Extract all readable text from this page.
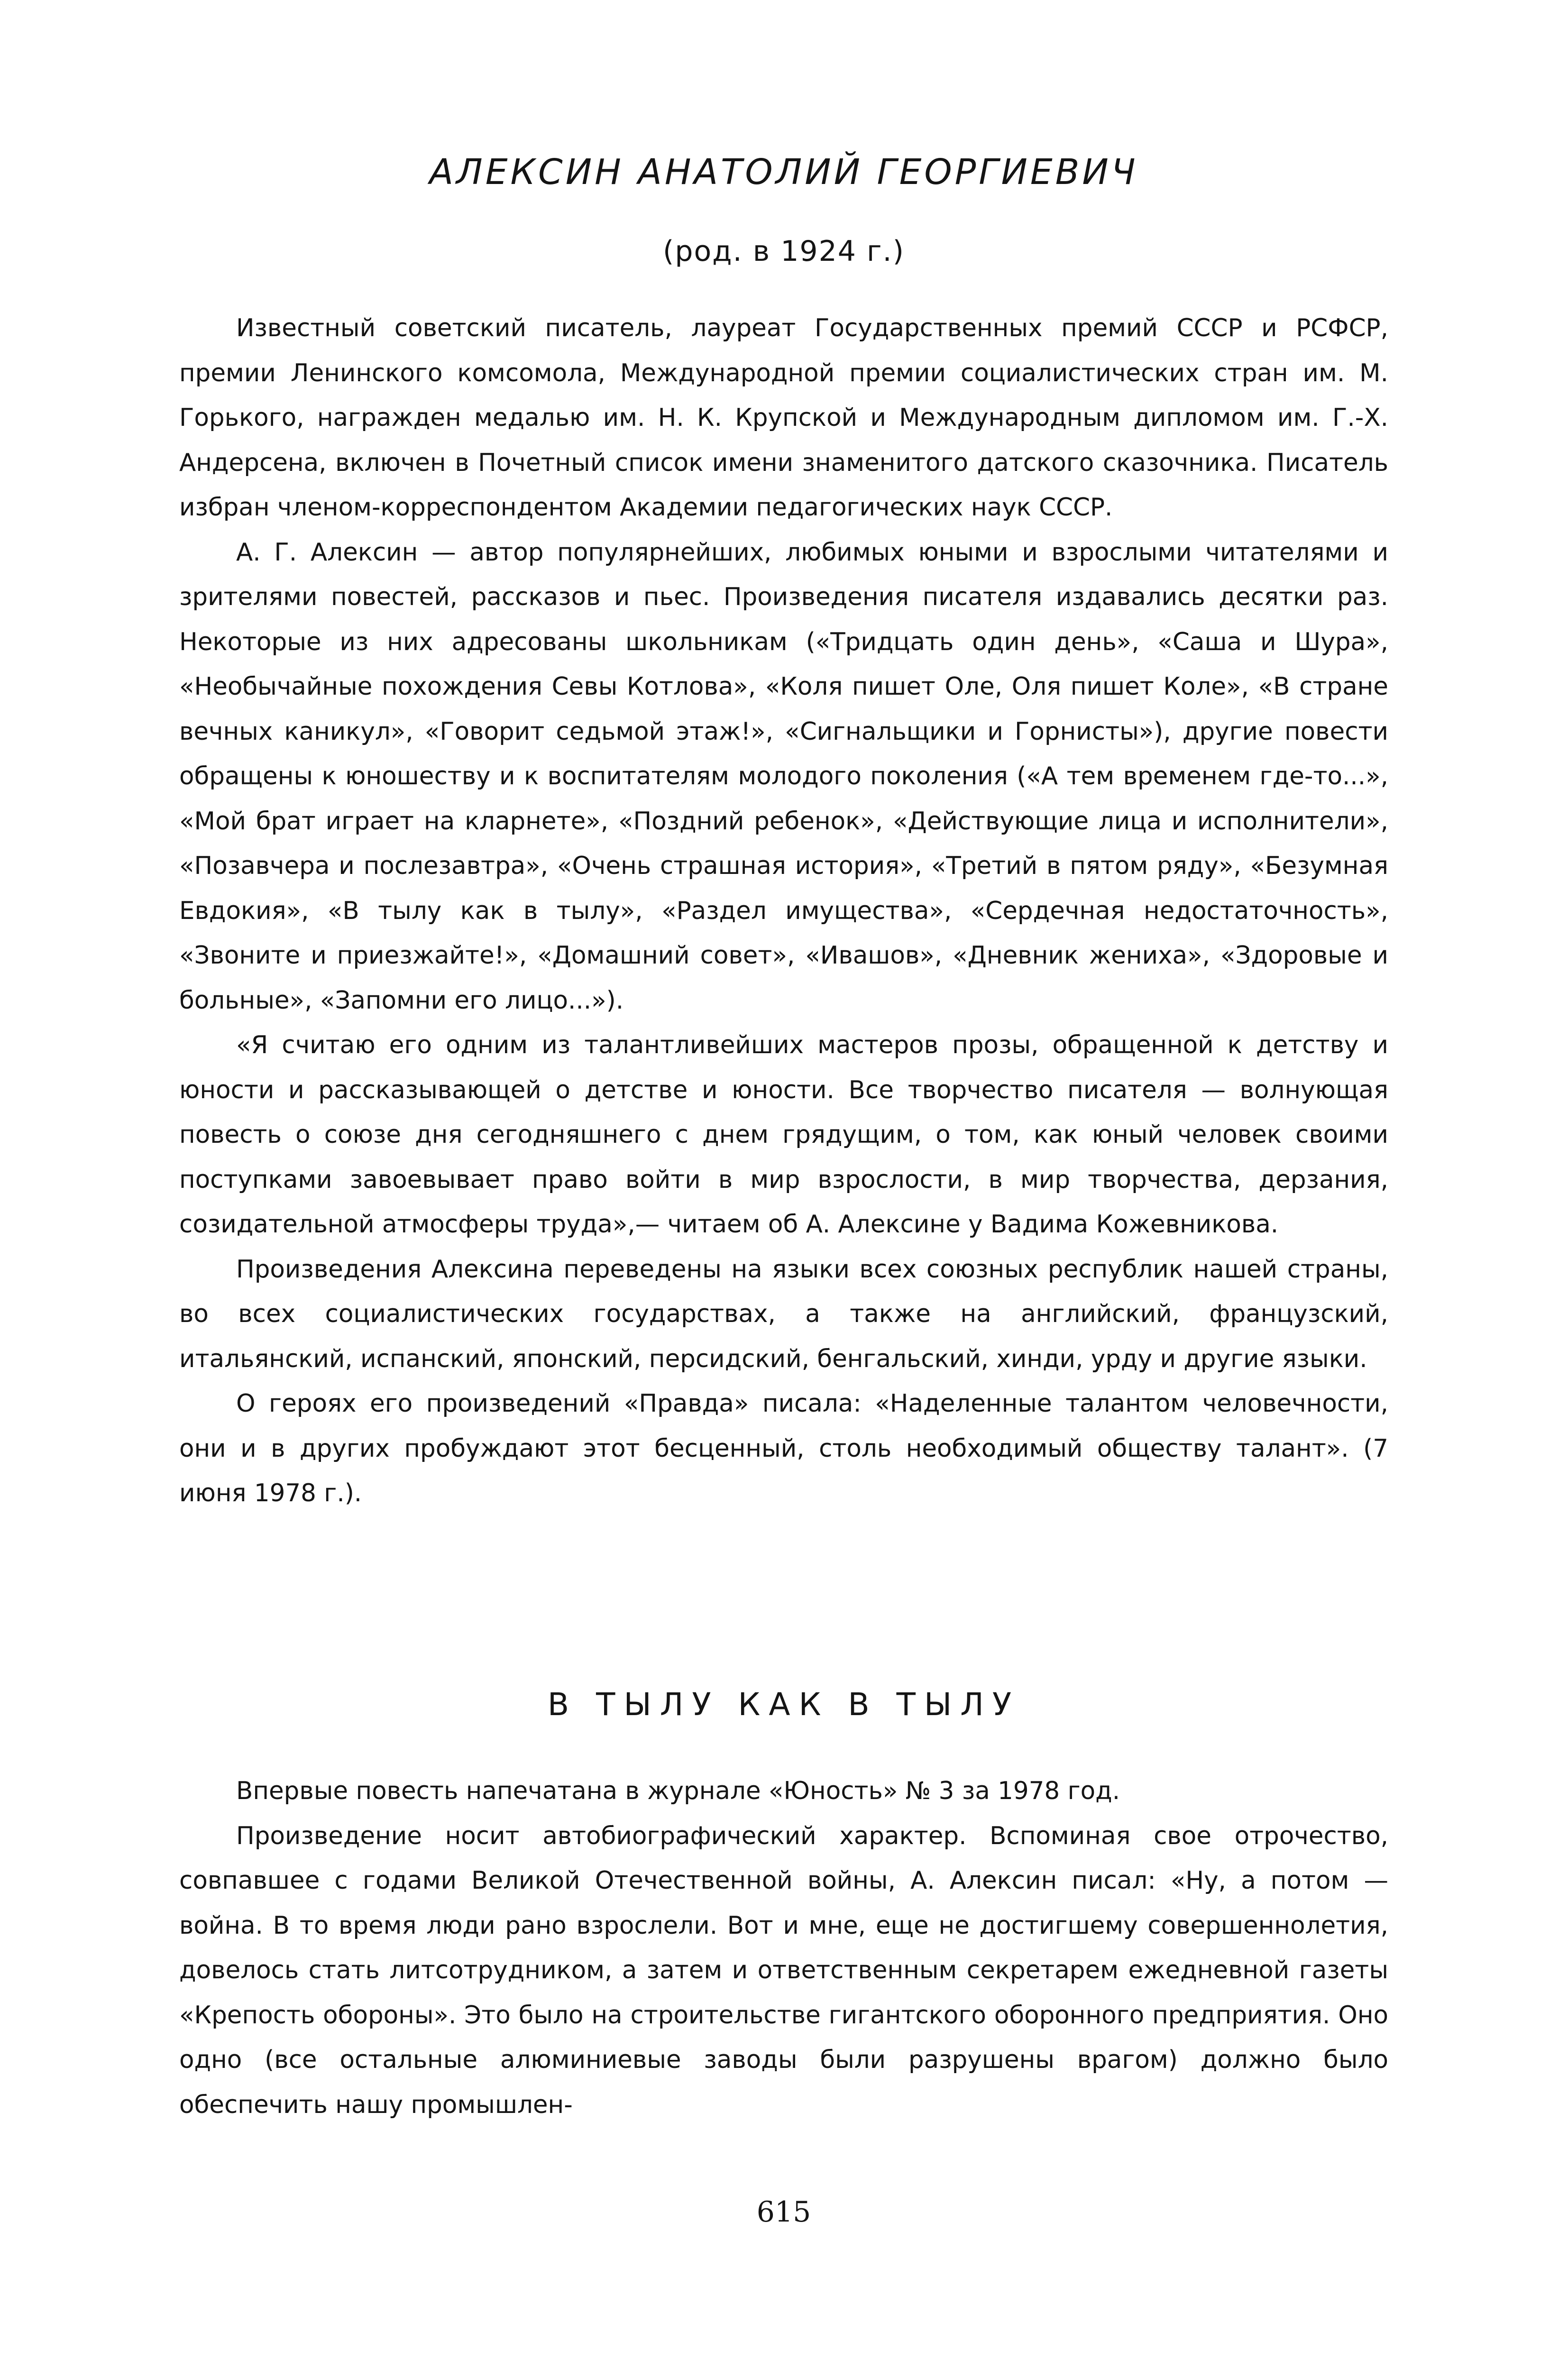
АЛЕКСИН АНАТОЛИЙ ГЕОРГИЕВИЧ
(род. в 1924 г.)

Известный советский писатель, лауреат Государственных премий СССР и РСФСР, премии Ленинского комсомола, Международной премии социалистических стран им. М. Горького, награжден медалью им. Н. К. Крупской и Международным дипломом им. Г.-Х. Андерсена, включен в Почетный список имени знаменитого датского сказочника. Писатель избран членом-корреспондентом Академии педагогических наук СССР.

А. Г. Алексин — автор популярнейших, любимых юными и взрослыми читателями и зрителями повестей, рассказов и пьес. Произведения писателя издавались десятки раз. Некоторые из них адресованы школьникам («Тридцать один день», «Саша и Шура», «Необычайные похождения Севы Котлова», «Коля пишет Оле, Оля пишет Коле», «В стране вечных каникул», «Говорит седьмой этаж!», «Сигнальщики и Горнисты»), другие повести обращены к юношеству и к воспитателям молодого поколения («А тем временем где-то...», «Мой брат играет на кларнете», «Поздний ребенок», «Действующие лица и исполнители», «Позавчера и послезавтра», «Очень страшная история», «Третий в пятом ряду», «Безумная Евдокия», «В тылу как в тылу», «Раздел имущества», «Сердечная недостаточность», «Звоните и приезжайте!», «Домашний совет», «Ивашов», «Дневник жениха», «Здоровые и больные», «Запомни его лицо...»).

«Я считаю его одним из талантливейших мастеров прозы, обращенной к детству и юности и рассказывающей о детстве и юности. Все творчество писателя — волнующая повесть о союзе дня сегодняшнего с днем грядущим, о том, как юный человек своими поступками завоевывает право войти в мир взрослости, в мир творчества, дерзания, созидательной атмосферы труда»,— читаем об А. Алексине у Вадима Кожевникова.

Произведения Алексина переведены на языки всех союзных республик нашей страны, во всех социалистических государствах, а также на английский, французский, итальянский, испанский, японский, персидский, бенгальский, хинди, урду и другие языки.

О героях его произведений «Правда» писала: «Наделенные талантом человечности, они и в других пробуждают этот бесценный, столь необходимый обществу талант». (7 июня 1978 г.).

В ТЫЛУ КАК В ТЫЛУ

Впервые повесть напечатана в журнале «Юность» № 3 за 1978 год.

Произведение носит автобиографический характер. Вспоминая свое отрочество, совпавшее с годами Великой Отечественной войны, А. Алексин писал: «Ну, а потом — война. В то время люди рано взрослели. Вот и мне, еще не достигшему совершеннолетия, довелось стать литсотрудником, а затем и ответственным секретарем ежедневной газеты «Крепость обороны». Это было на строительстве гигантского оборонного предприятия. Оно одно (все остальные алюминиевые заводы были разрушены врагом) должно было обеспечить нашу промышлен-

615
